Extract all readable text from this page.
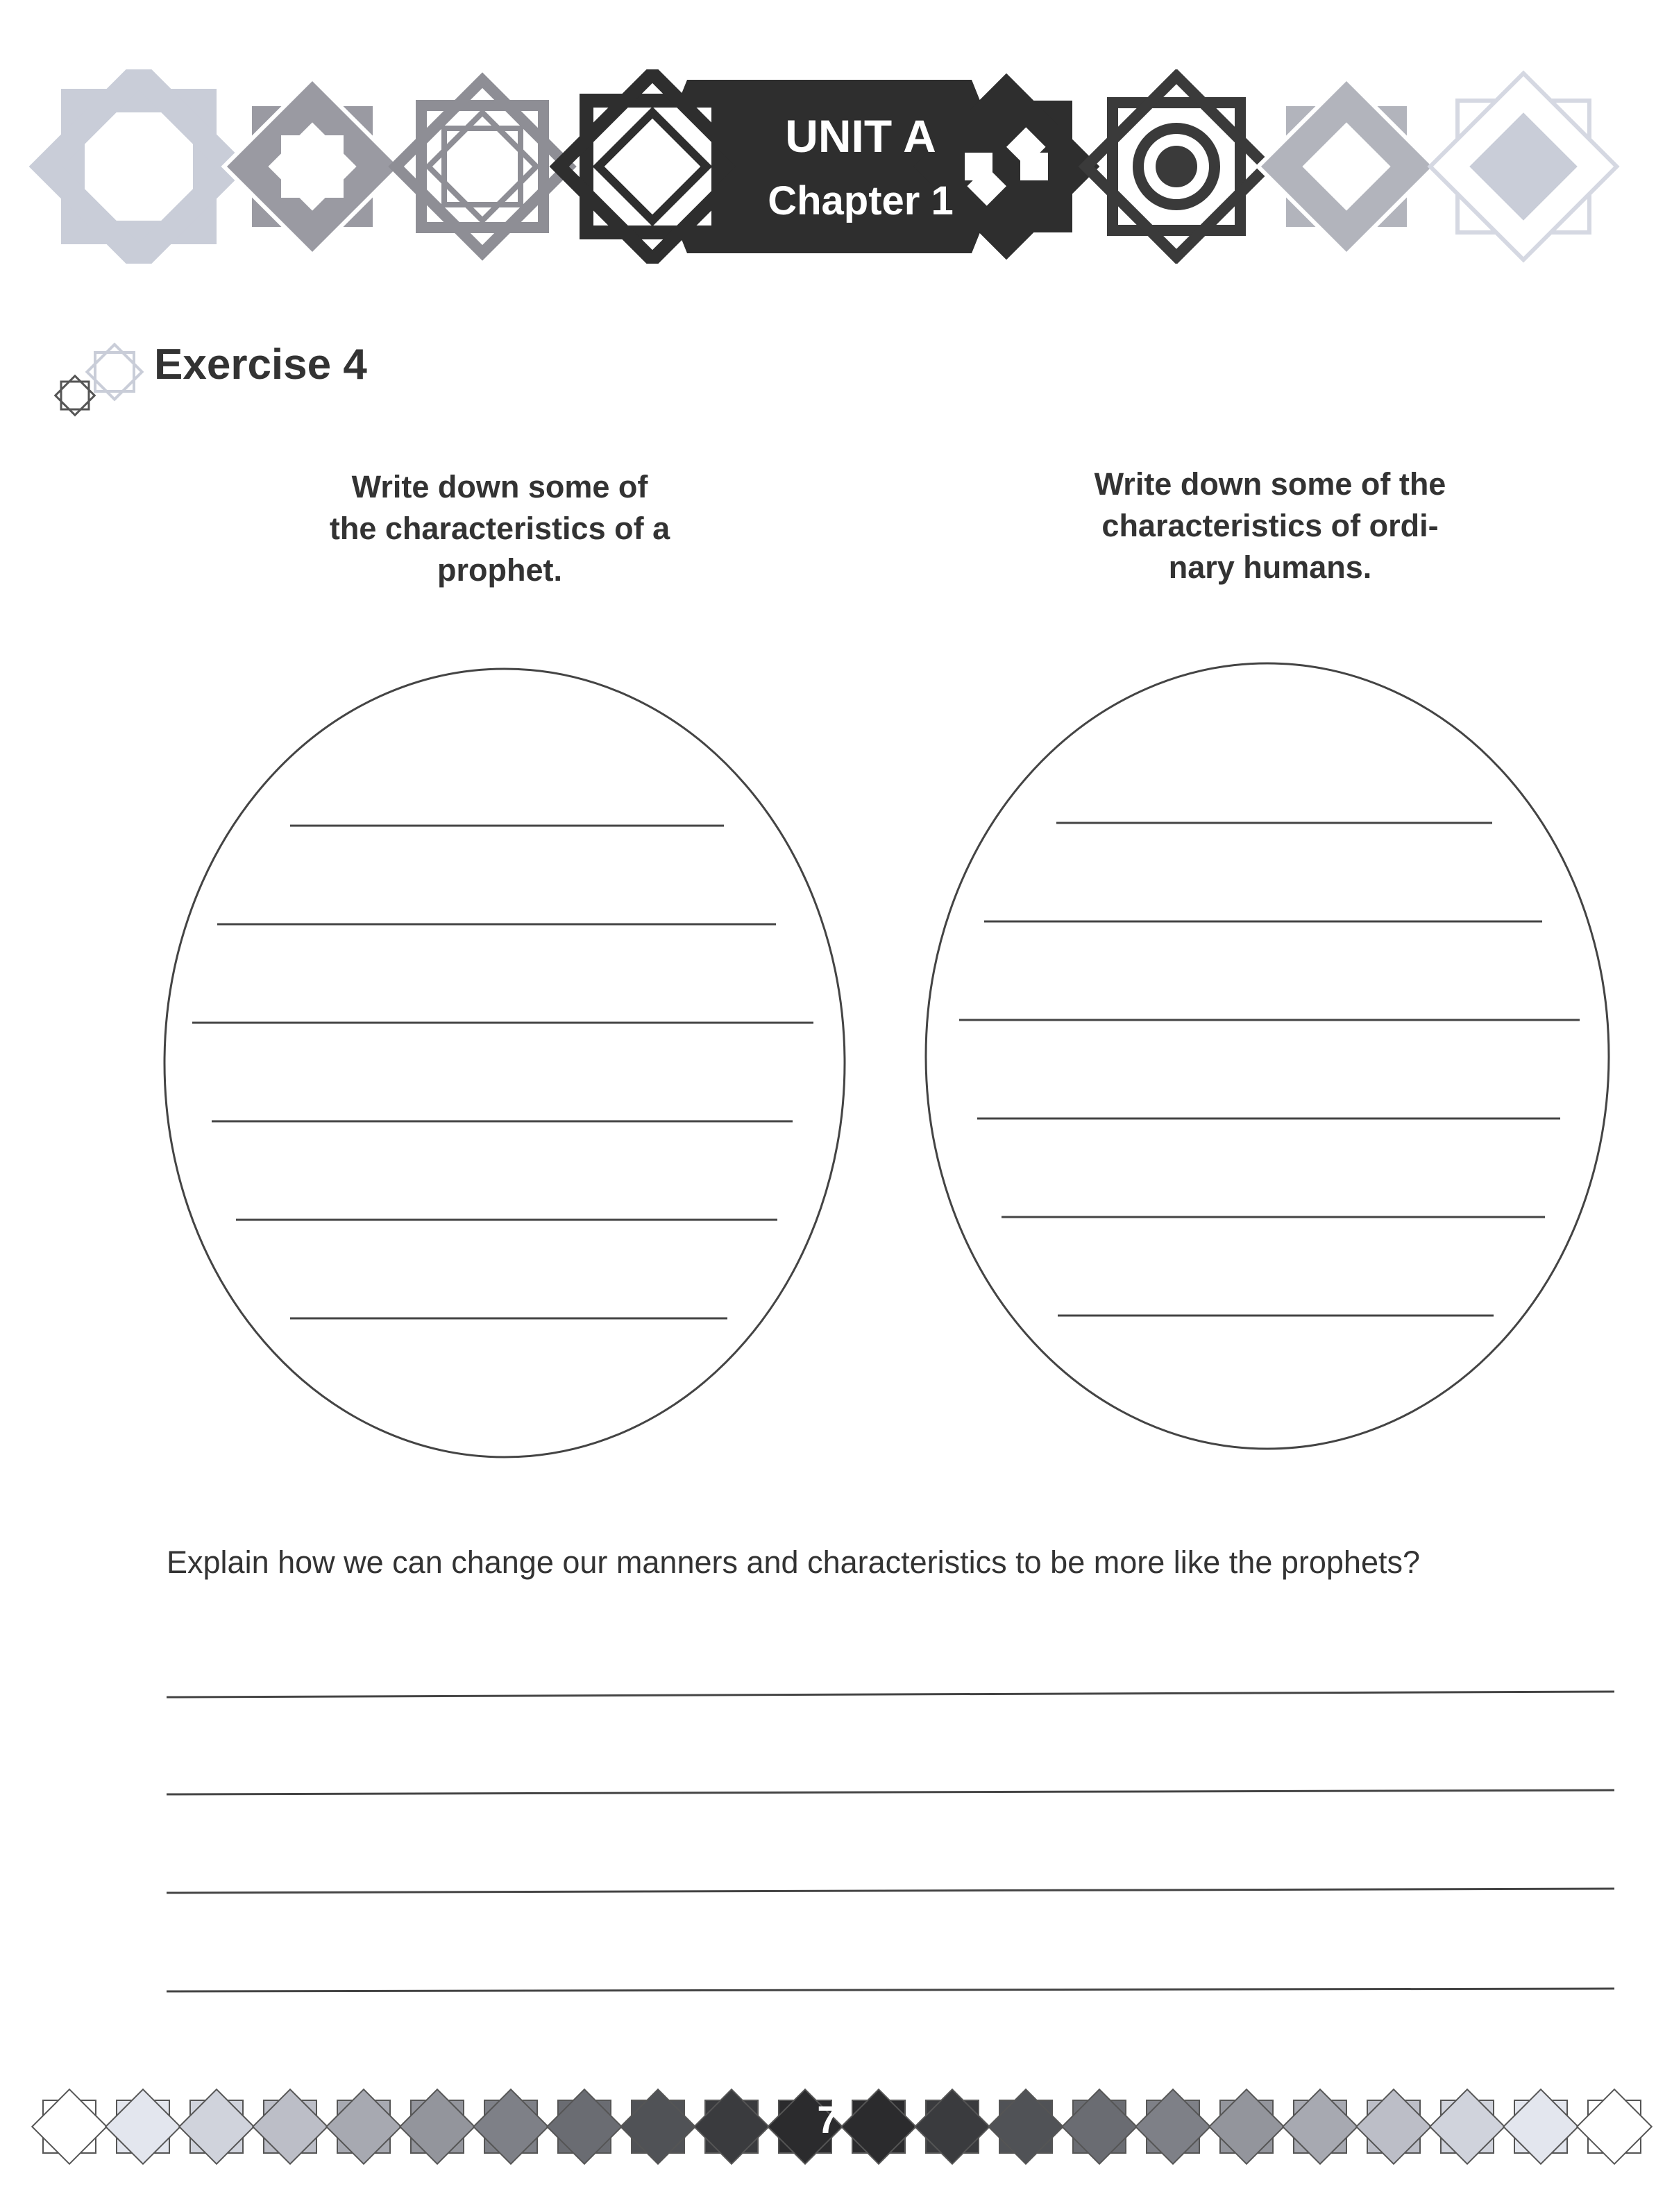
UNIT A
Chapter 1
Exercise 4
Write down some of
the characteristics of a
prophet.
Write down some of the
characteristics of ordi-
nary humans.
Explain how we can change our manners and characteristics to be more like the prophets?
7
